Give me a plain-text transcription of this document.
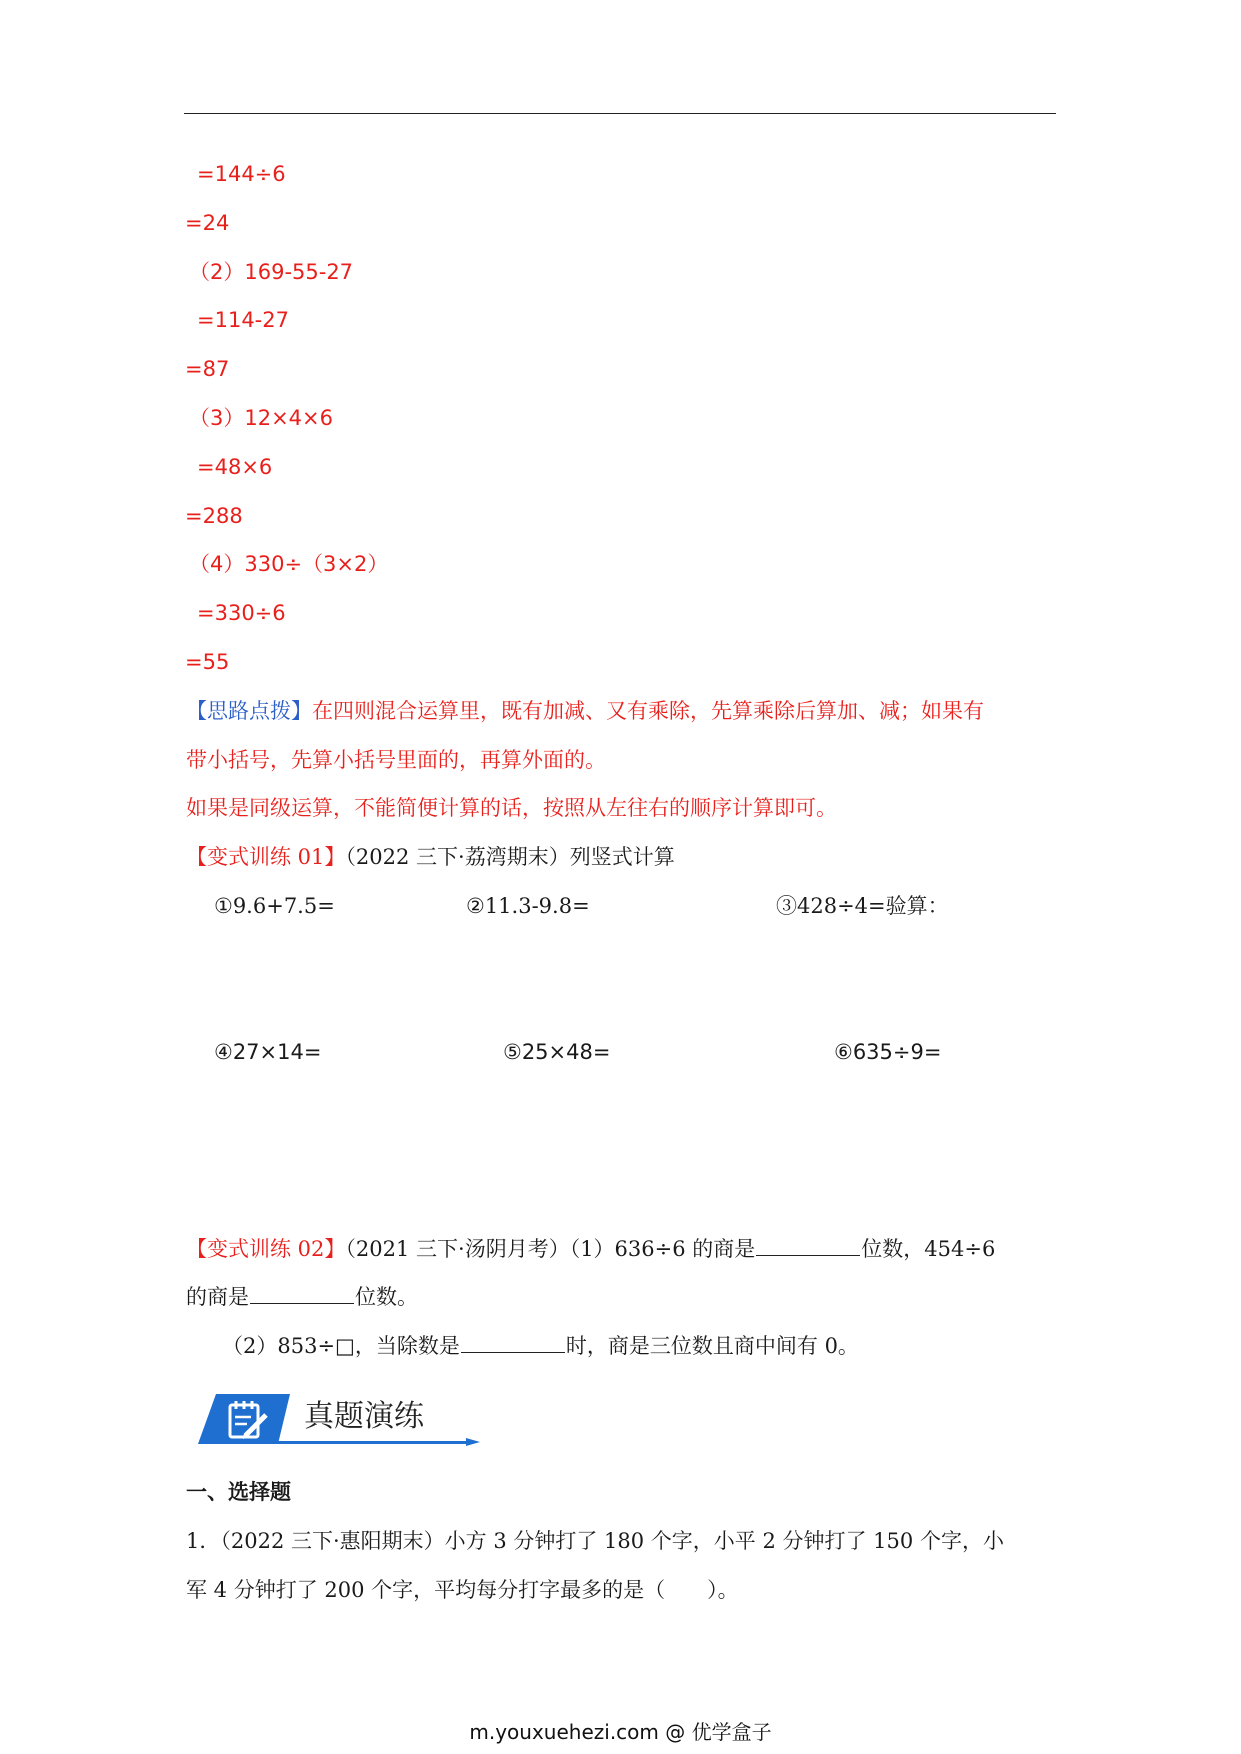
=144÷6
=24
（2）169-55-27
=114-27
=87
（3）12×4×6
=48×6
=288
（4）330÷（3×2）
=330÷6
=55
【思路点拨】在四则混合运算里，既有加减、又有乘除，先算乘除后算加、减；如果有
带小括号，先算小括号里面的，再算外面的。
如果是同级运算，不能简便计算的话，按照从左往右的顺序计算即可。
【变式训练 01】（2022 三下·荔湾期末）列竖式计算
①9.6+7.5=	②11.3-9.8=	③428÷4=验算：
④27×14=	⑤25×48=	⑥635÷9=
【变式训练 02】（2021 三下·汤阴月考）（1）636÷6 的商是	位数，454÷6
的商是	位数。
（2）853÷□，当除数是	时，商是三位数且商中间有 0。
真题演练
一、选择题
1．（2022 三下·惠阳期末）小方 3 分钟打了 180 个字，小平 2 分钟打了 150 个字，小
军 4 分钟打了 200 个字，平均每分打字最多的是（　　）。
m.youxuehezi.com @ 优学盒子
